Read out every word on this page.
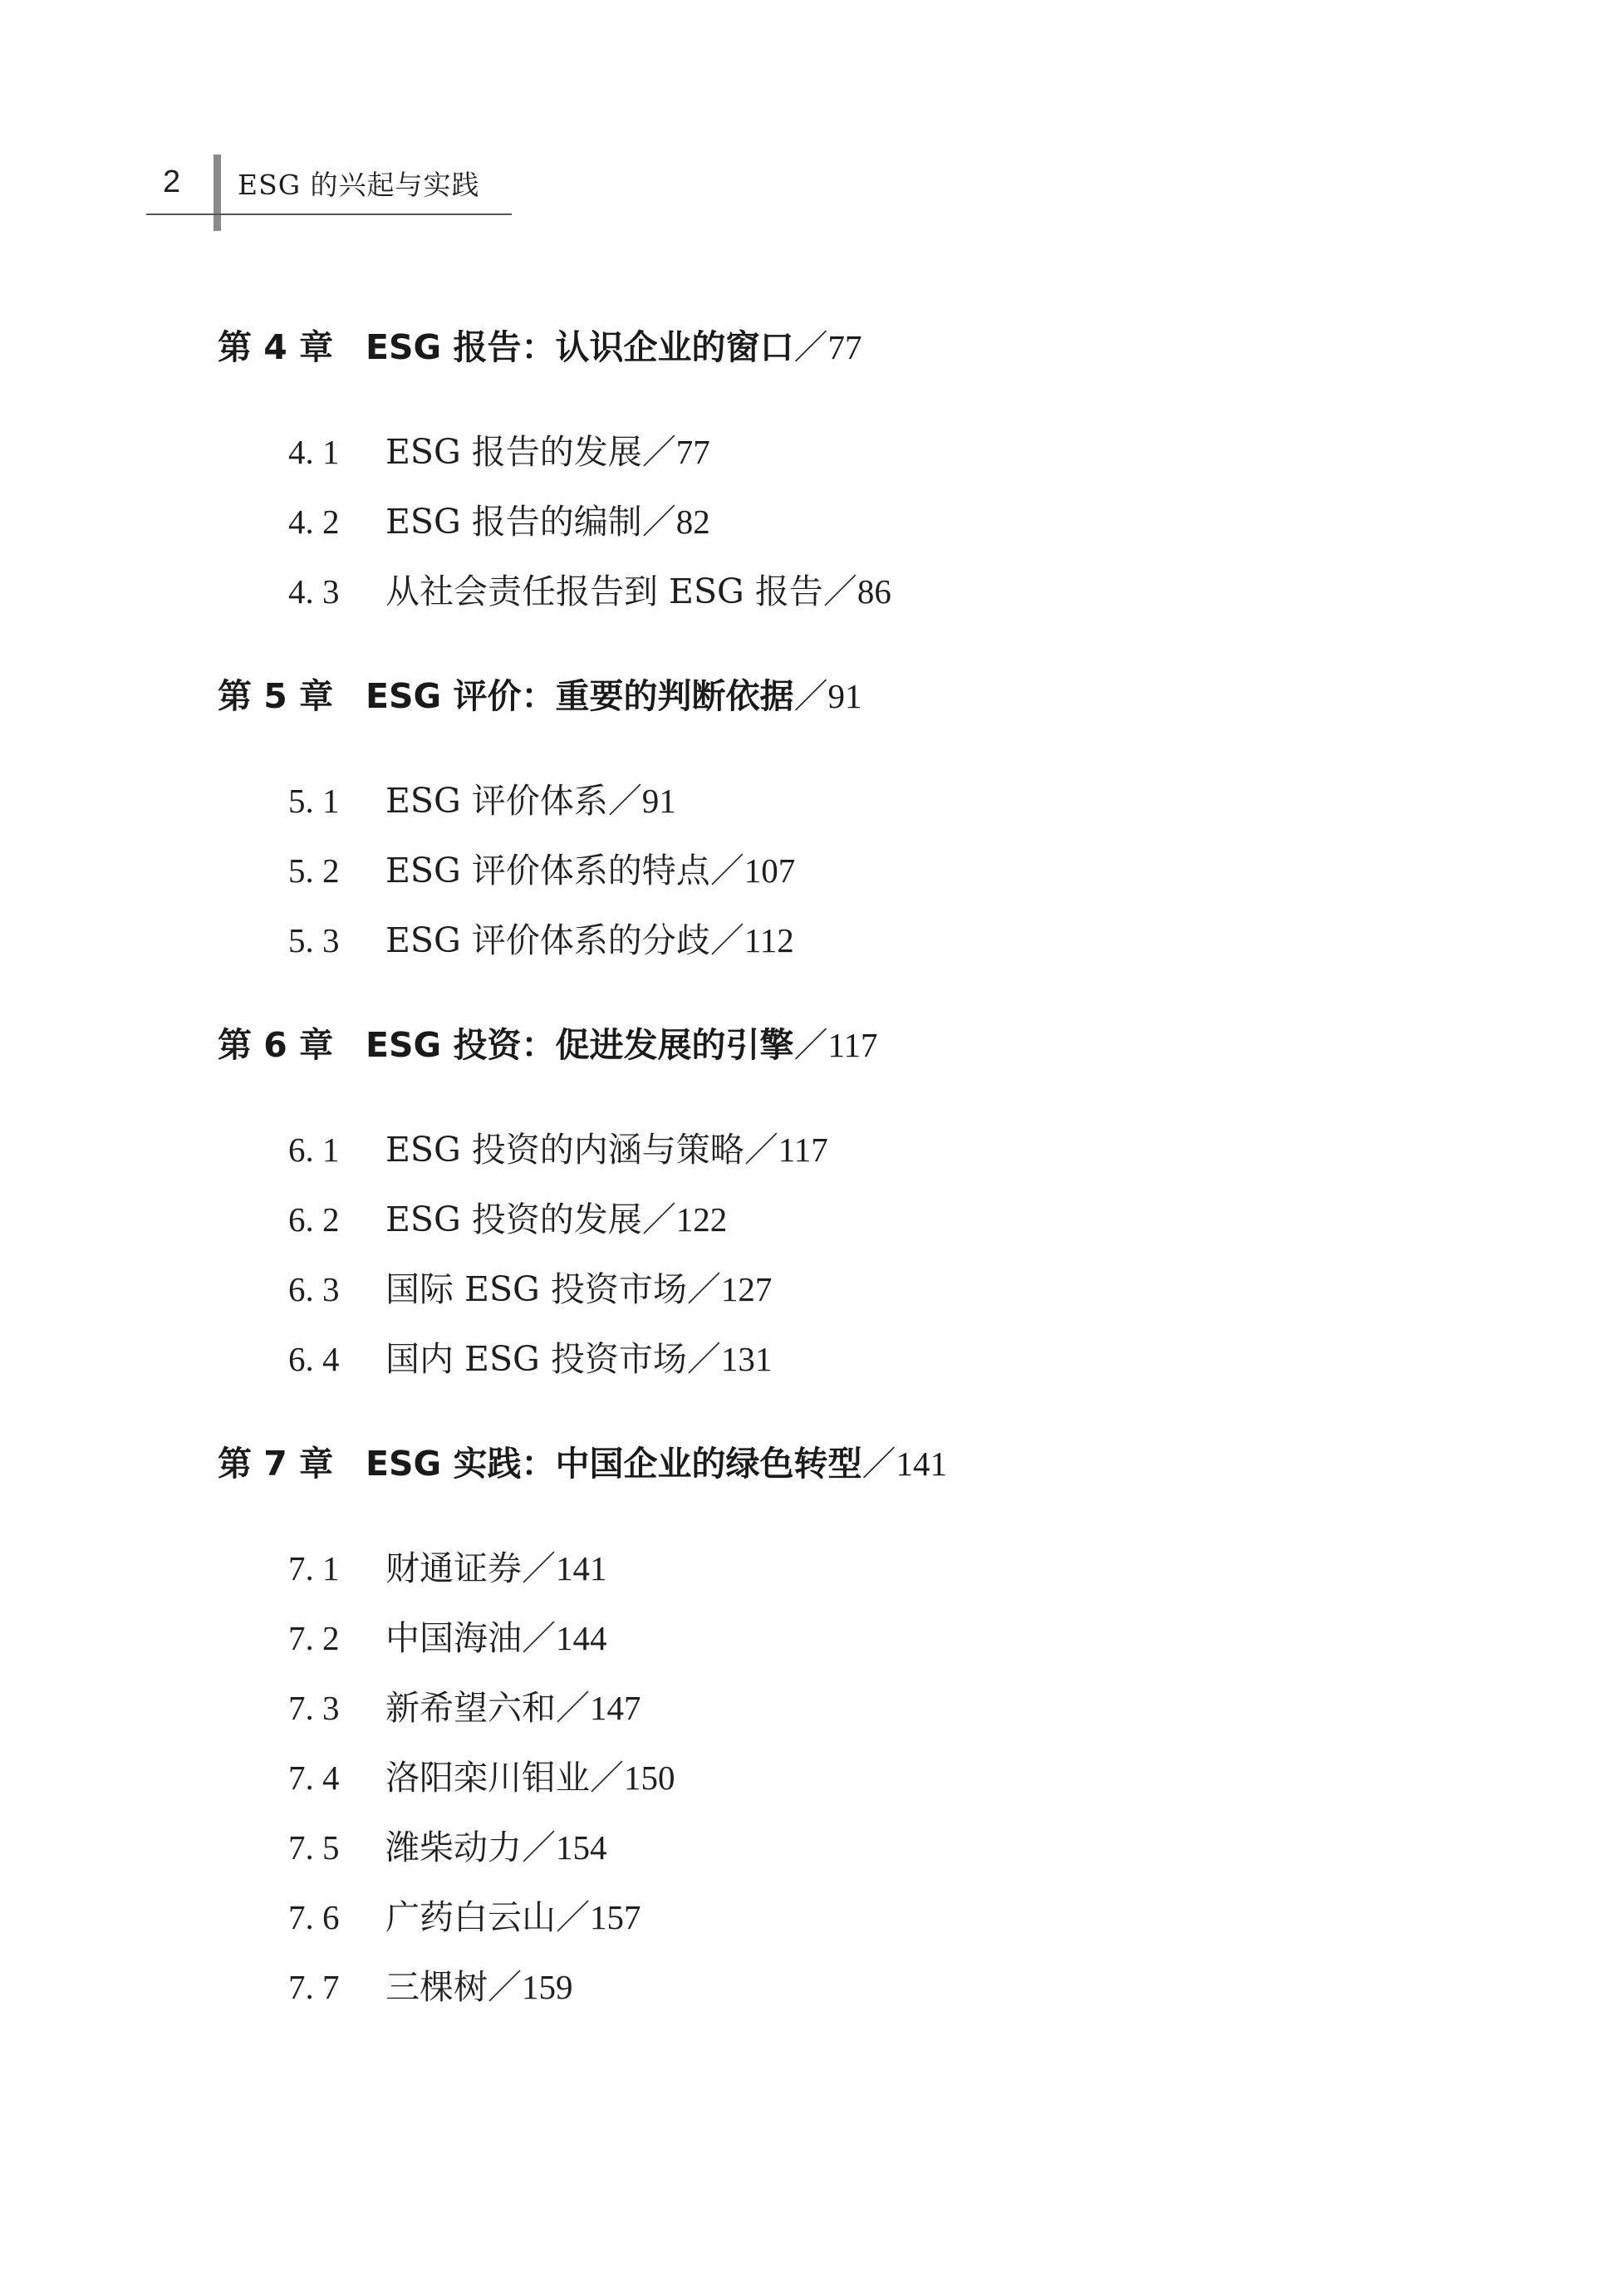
2 ESG 的兴起与实践
第 4 章 ESG 报告：认识企业的窗口／77
4. 1 ESG 报告的发展／77
4. 2 ESG 报告的编制／82
4. 3 从社会责任报告到 ESG 报告／86
第 5 章 ESG 评价：重要的判断依据／91
5. 1 ESG 评价体系／91
5. 2 ESG 评价体系的特点／107
5. 3 ESG 评价体系的分歧／112
第 6 章 ESG 投资：促进发展的引擎／117
6. 1 ESG 投资的内涵与策略／117
6. 2 ESG 投资的发展／122
6. 3 国际 ESG 投资市场／127
6. 4 国内 ESG 投资市场／131
第 7 章 ESG 实践：中国企业的绿色转型／141
7. 1 财通证券／141
7. 2 中国海油／144
7. 3 新希望六和／147
7. 4 洛阳栾川钼业／150
7. 5 潍柴动力／154
7. 6 广药白云山／157
7. 7 三棵树／159
